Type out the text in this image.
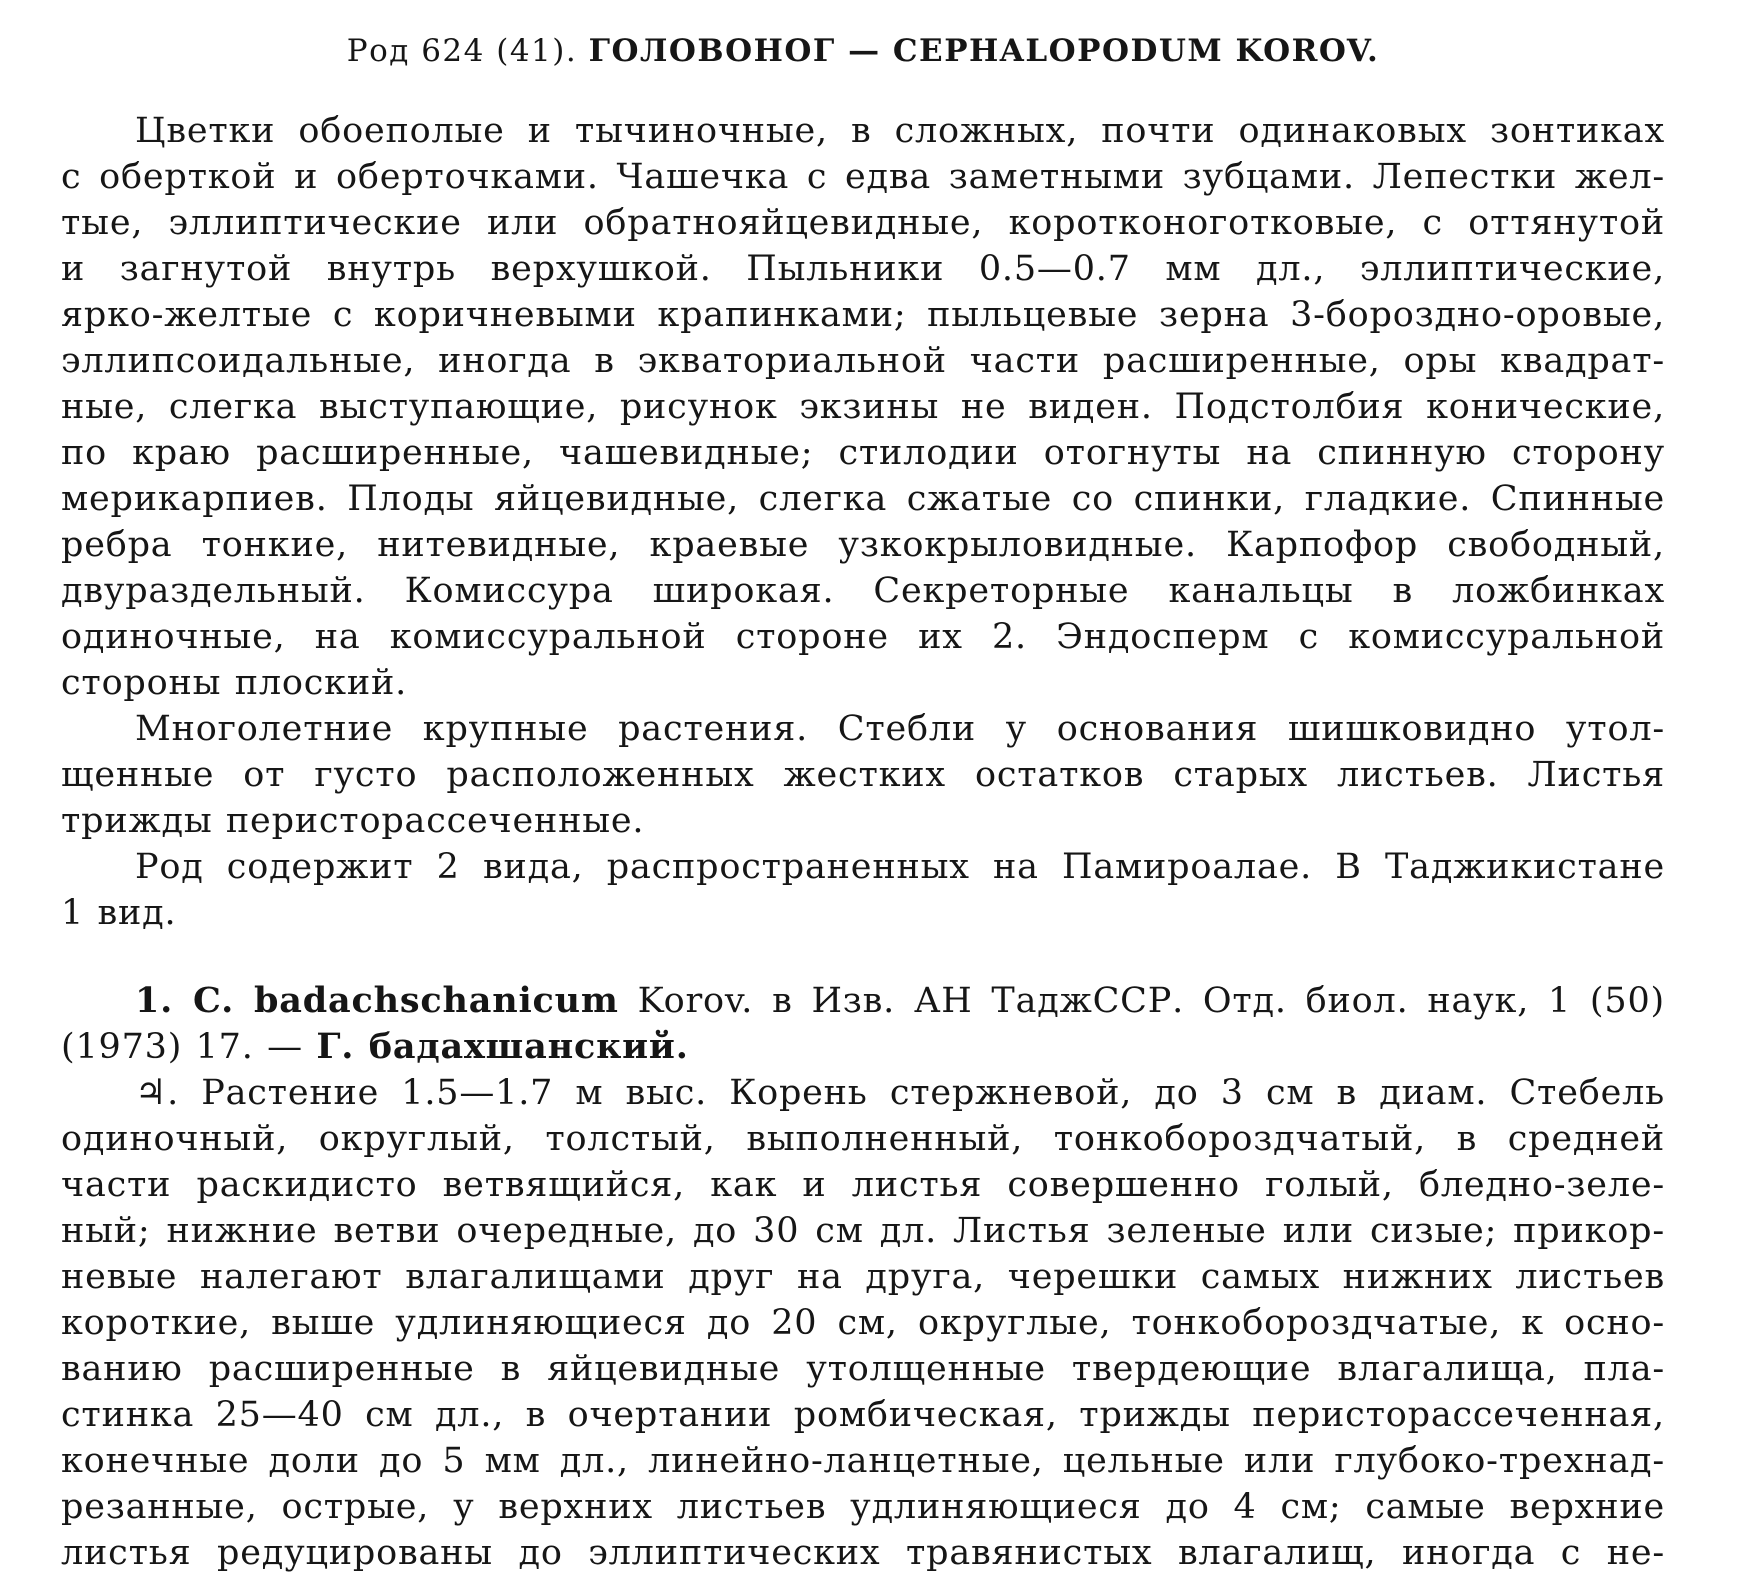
Род 624 (41). ГОЛОВОНОГ — CEPHALOPODUM KOROV.
Цветки обоеполые и тычиночные, в сложных, почти одинаковых зонтиках
с оберткой и оберточками. Чашечка с едва заметными зубцами. Лепестки жел-
тые, эллиптические или обратнояйцевидные, коротконоготковые, с оттянутой
и загнутой внутрь верхушкой. Пыльники 0.5—0.7 мм дл., эллиптические,
ярко-желтые с коричневыми крапинками; пыльцевые зерна 3-бороздно-оровые,
эллипсоидальные, иногда в экваториальной части расширенные, оры квадрат-
ные, слегка выступающие, рисунок экзины не виден. Подстолбия конические,
по краю расширенные, чашевидные; стилодии отогнуты на спинную сторону
мерикарпиев. Плоды яйцевидные, слегка сжатые со спинки, гладкие. Спинные
ребра тонкие, нитевидные, краевые узкокрыловидные. Карпофор свободный,
двураздельный. Комиссура широкая. Секреторные канальцы в ложбинках
одиночные, на комиссуральной стороне их 2. Эндосперм с комиссуральной
стороны плоский.
Многолетние крупные растения. Стебли у основания шишковидно утол-
щенные от густо расположенных жестких остатков старых листьев. Листья
трижды перисторассеченные.
Род содержит 2 вида, распространенных на Памироалае. В Таджикистане
1 вид.
1. C. badachschanicum Korov. в Изв. АН ТаджССР. Отд. биол. наук, 1 (50)
(1973) 17. — Г. бадахшанский.
♃. Растение 1.5—1.7 м выс. Корень стержневой, до 3 см в диам. Стебель
одиночный, округлый, толстый, выполненный, тонкобороздчатый, в средней
части раскидисто ветвящийся, как и листья совершенно голый, бледно-зеле-
ный; нижние ветви очередные, до 30 см дл. Листья зеленые или сизые; прикор-
невые налегают влагалищами друг на друга, черешки самых нижних листьев
короткие, выше удлиняющиеся до 20 см, округлые, тонкобороздчатые, к осно-
ванию расширенные в яйцевидные утолщенные твердеющие влагалища, пла-
стинка 25—40 см дл., в очертании ромбическая, трижды перисторассеченная,
конечные доли до 5 мм дл., линейно-ланцетные, цельные или глубоко-трехнад-
резанные, острые, у верхних листьев удлиняющиеся до 4 см; самые верхние
листья редуцированы до эллиптических травянистых влагалищ, иногда с не-
